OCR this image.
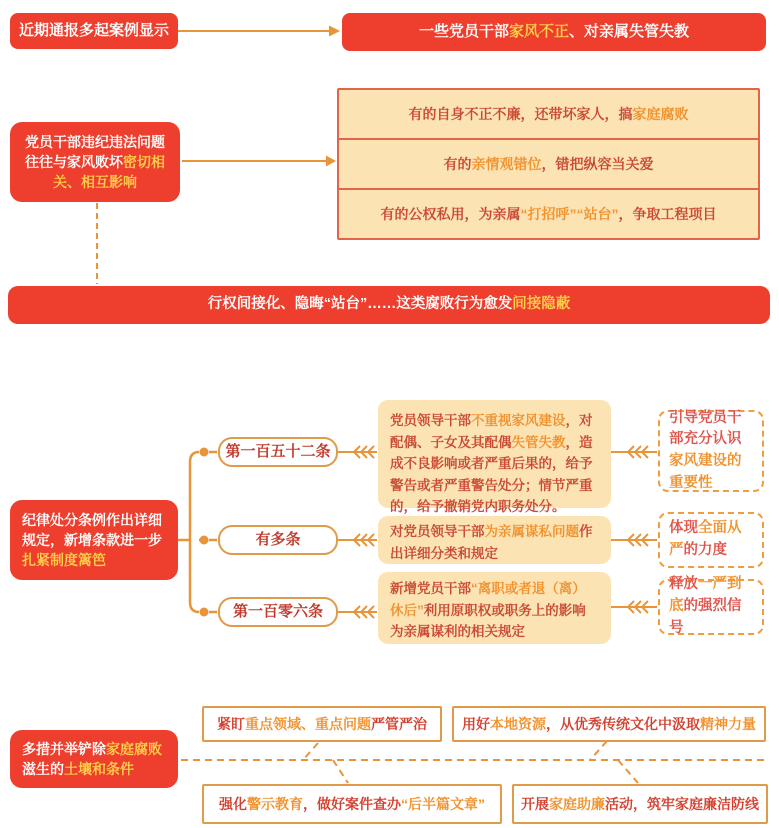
近期通报多起案例显示	一些党员干部家风不正、对亲属失管失教
党员干部违纪违法问题往往与家风败坏密切相关、相互影响
有的自身不正不廉，还带坏家人，搞家庭腐败
有的亲情观错位，错把纵容当关爱
有的公权私用，为亲属“打招呼”“站台”，争取工程项目
行权间接化、隐晦“站台”……这类腐败行为愈发间接隐蔽
纪律处分条例作出详细规定，新增条款进一步扎紧制度篱笆
第一百五十二条
党员领导干部不重视家风建设，对配偶、子女及其配偶失管失教，造成不良影响或者严重后果的，给予警告或者严重警告处分；情节严重的，给予撤销党内职务处分。
引导党员干部充分认识家风建设的重要性
有多条	对党员领导干部为亲属谋私问题作出详细分类和规定
体现全面从严的力度
第一百零六条
新增党员干部“离职或者退（离）休后”利用原职权或职务上的影响为亲属谋利的相关规定
释放一严到底的强烈信号
多措并举铲除家庭腐败滋生的土壤和条件
紧盯重点领域、重点问题严管严治	用好本地资源，从优秀传统文化中汲取精神力量
强化警示教育，做好案件查办“后半篇文章”	开展家庭助廉活动，筑牢家庭廉洁防线
